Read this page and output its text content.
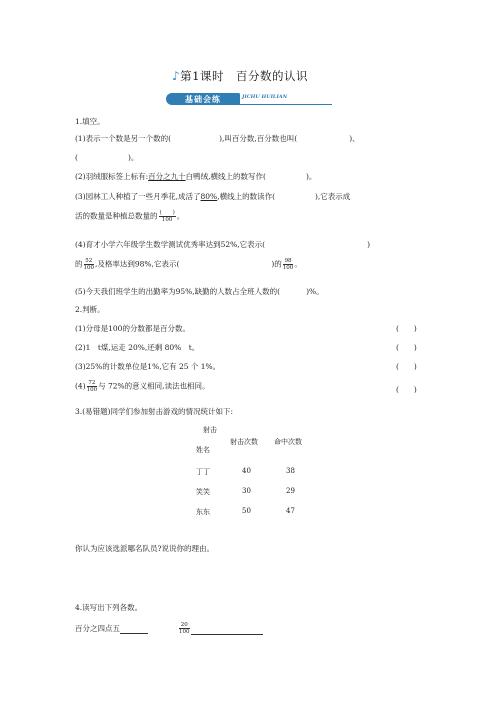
♪第1课时　百分数的认识
基础会练	JICHU HUILIAN
1.填空。
(1)表示一个数是另一个数的(	),叫百分数,百分数也叫(	)、
(	)。
(2)羽绒服标签上标有:百分之九十白鸭绒,横线上的数写作(	)。
(3)园林工人种植了一些月季花,成活了80%,横线上的数读作(	),它表示成
活的数量是种植总数量的 $\frac{( )}{100}$ 。
(4)育才小学六年级学生数学测试优秀率达到52%,它表示(	)
的 $\frac{52}{100}$ ,及格率达到98%,它表示(	)的 $\frac{98}{100}$ 。
(5)今天我们班学生的出勤率为95%,缺勤的人数占全班人数的(	)%。
2.判断。
(1)分母是100的分数都是百分数。	(　　)
(2)1　t煤,运走 20%,还剩 80%　t。	(　　)
(3)25%的计数单位是1%,它有 25 个 1%。	(　　)
$(4) \frac{72}{100}$ 与 72%的意义相同,读法也相同。	(　　)
3.(易错题)同学们参加射击游戏的情况统计如下:
射击
姓名
射击次数 命中次数
丁丁	40	38
笑笑	30	29
东东	50	47
你认为应该选派哪名队员?说说你的理由。
4.读写出下列各数。
百分之四点五	$\frac{20}{100}$
